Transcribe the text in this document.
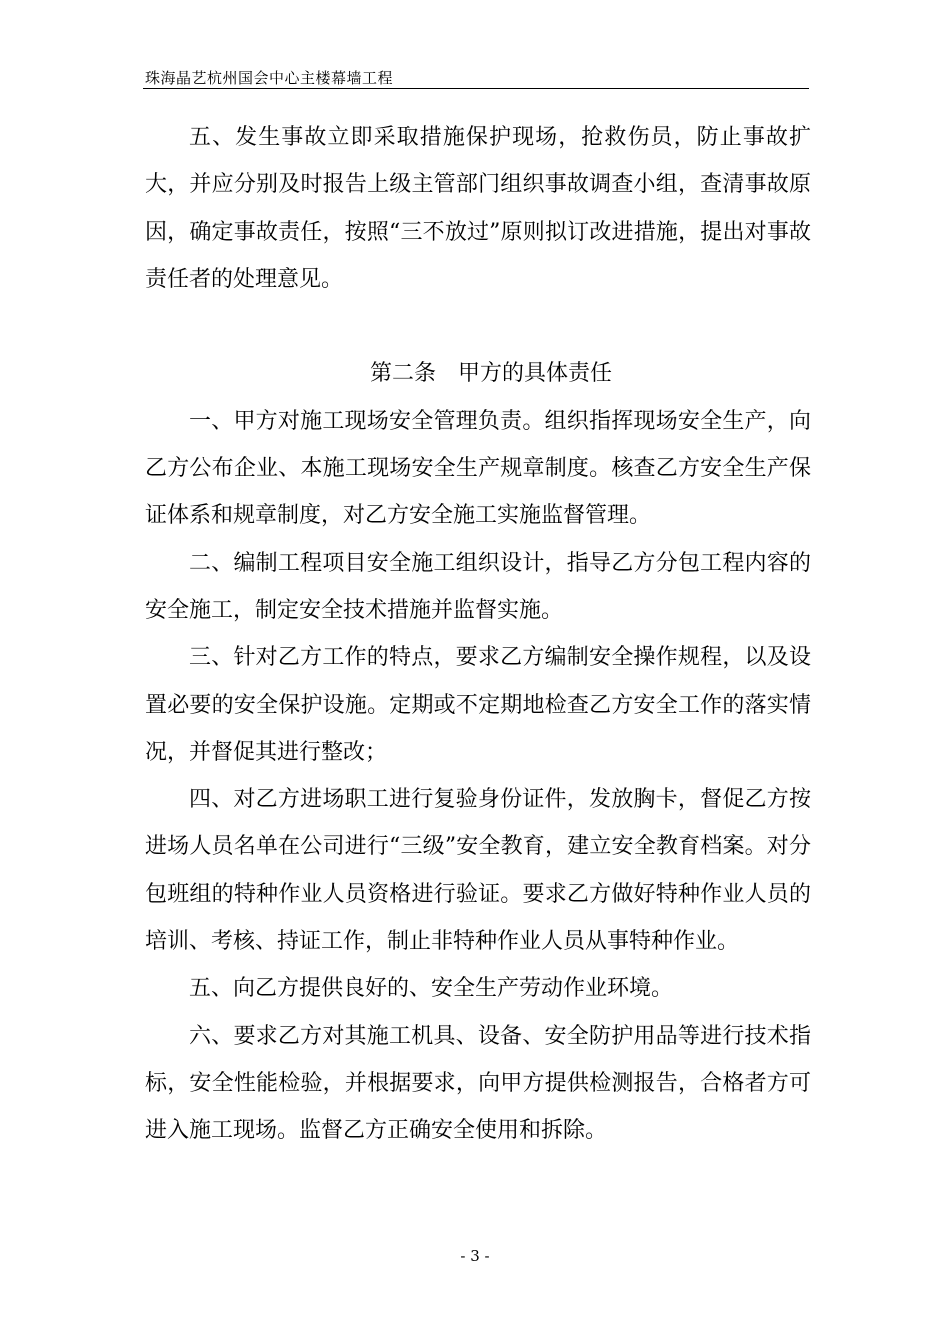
珠海晶艺杭州国会中心主楼幕墙工程

五、发生事故立即采取措施保护现场，抢救伤员，防止事故扩大，并应分别及时报告上级主管部门组织事故调查小组，查清事故原因，确定事故责任，按照“三不放过”原则拟订改进措施，提出对事故责任者的处理意见。

第二条　甲方的具体责任

一、甲方对施工现场安全管理负责。组织指挥现场安全生产，向乙方公布企业、本施工现场安全生产规章制度。核查乙方安全生产保证体系和规章制度，对乙方安全施工实施监督管理。

二、编制工程项目安全施工组织设计，指导乙方分包工程内容的安全施工，制定安全技术措施并监督实施。

三、针对乙方工作的特点，要求乙方编制安全操作规程，以及设置必要的安全保护设施。定期或不定期地检查乙方安全工作的落实情况，并督促其进行整改；

四、对乙方进场职工进行复验身份证件，发放胸卡，督促乙方按进场人员名单在公司进行“三级”安全教育，建立安全教育档案。对分包班组的特种作业人员资格进行验证。要求乙方做好特种作业人员的培训、考核、持证工作，制止非特种作业人员从事特种作业。

五、向乙方提供良好的、安全生产劳动作业环境。

六、要求乙方对其施工机具、设备、安全防护用品等进行技术指标，安全性能检验，并根据要求，向甲方提供检测报告，合格者方可进入施工现场。监督乙方正确安全使用和拆除。

- 3 -
